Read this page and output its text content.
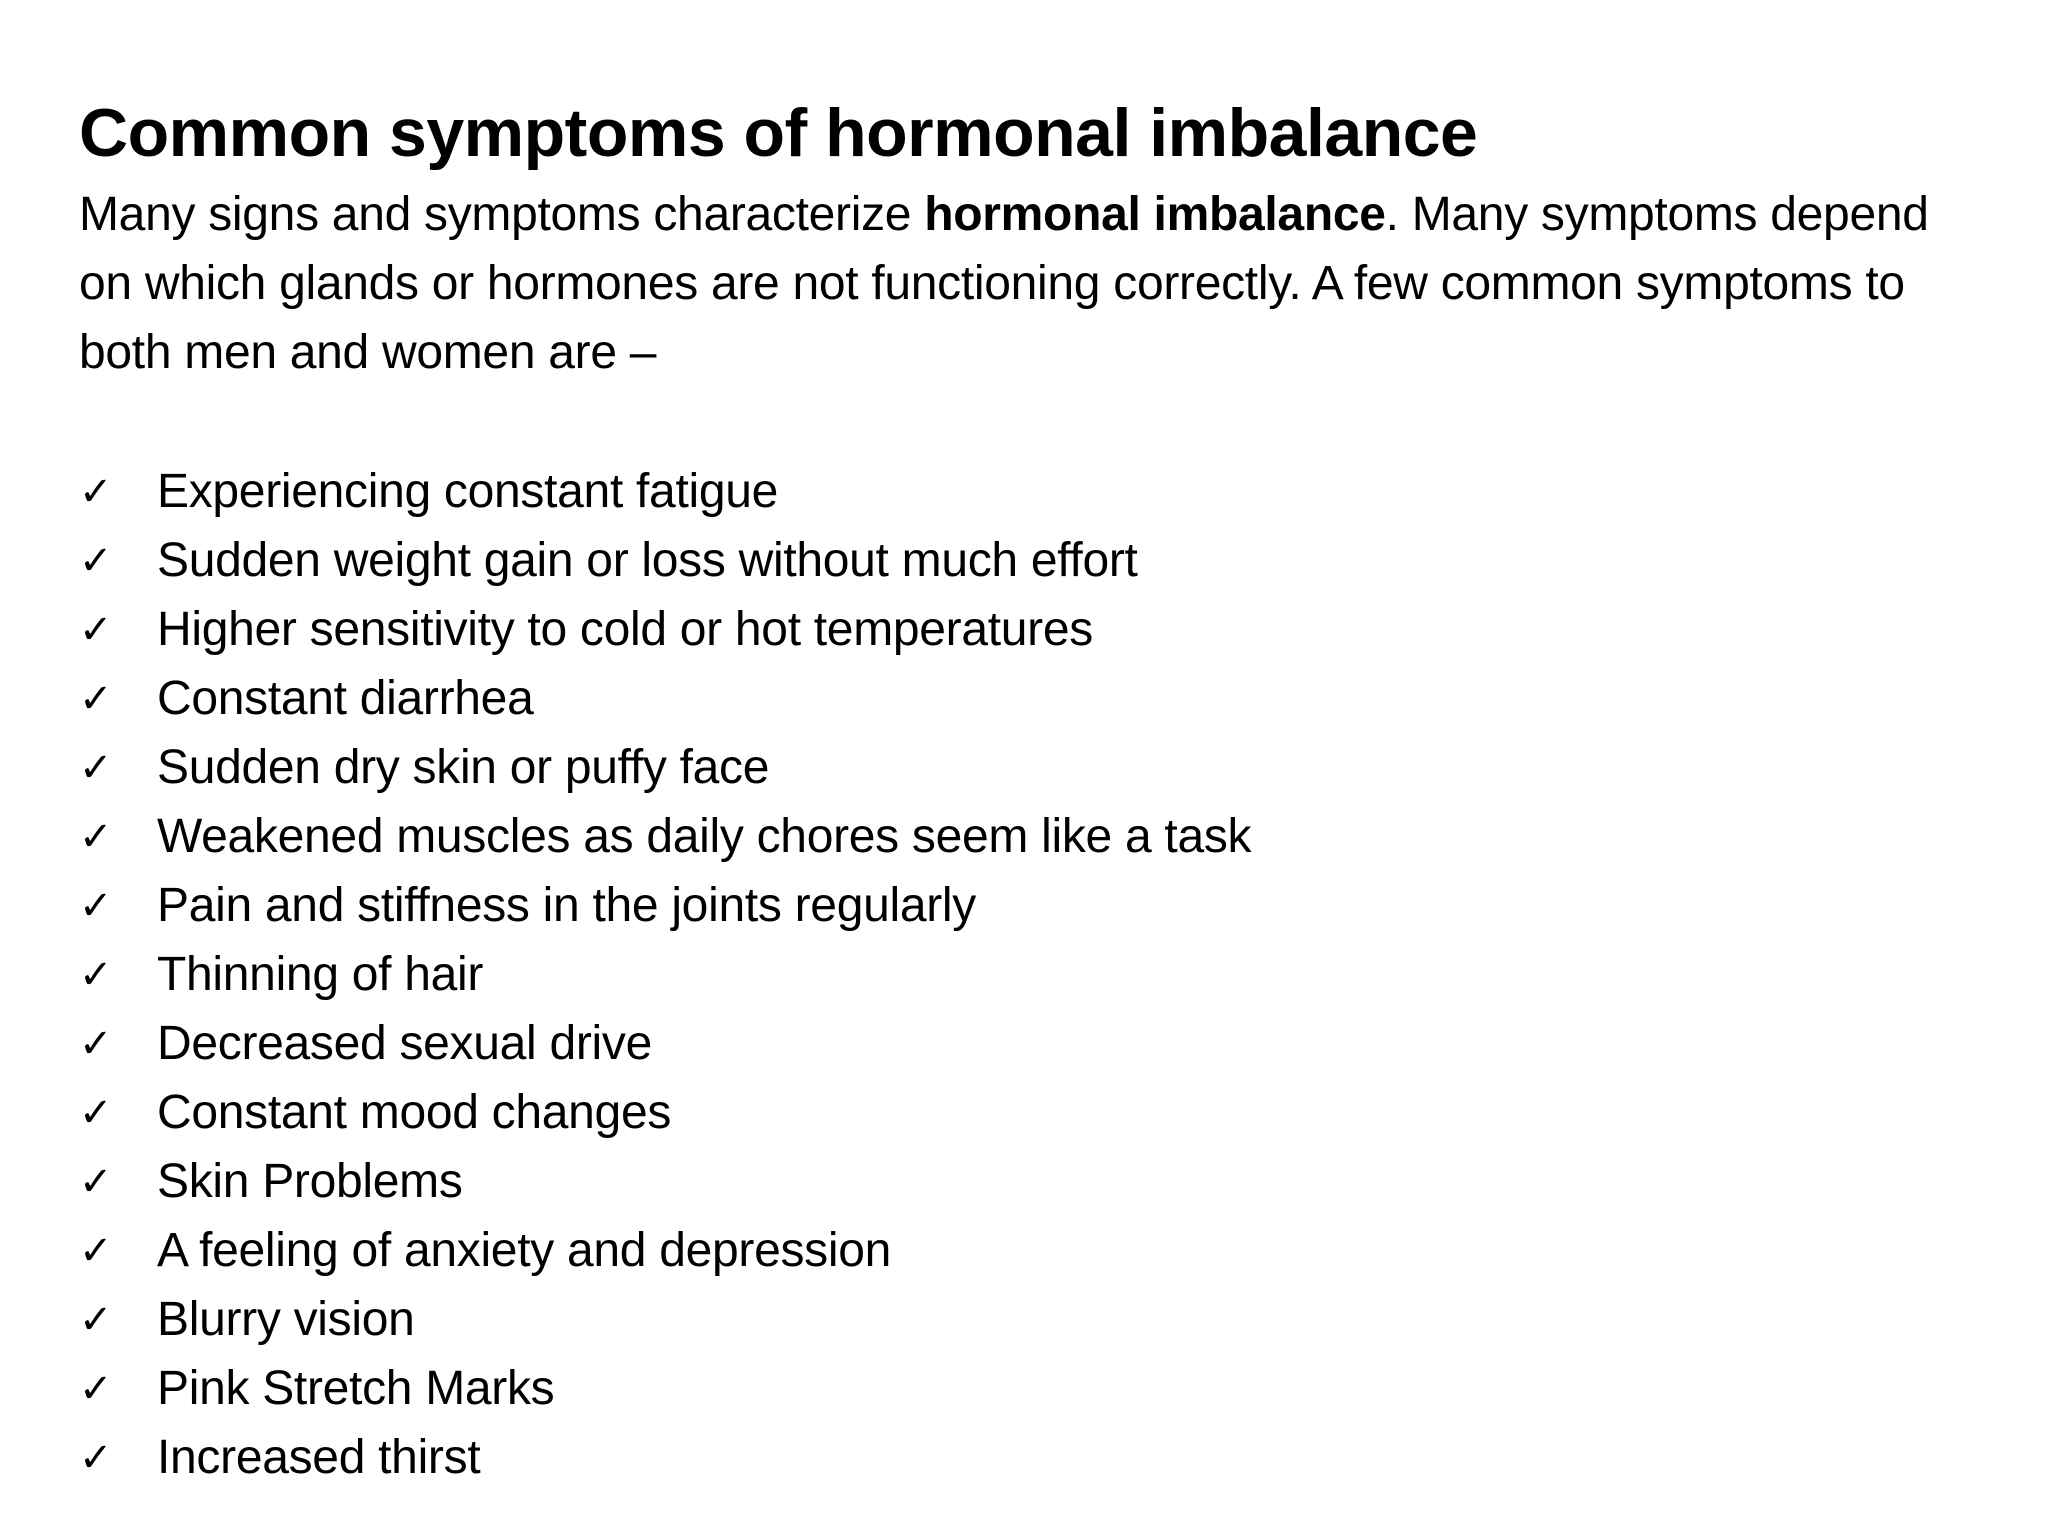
Common symptoms of hormonal imbalance
Many signs and symptoms characterize hormonal imbalance. Many symptoms depend on which glands or hormones are not functioning correctly. A few common symptoms to both men and women are –
✓ Experiencing constant fatigue
✓ Sudden weight gain or loss without much effort
✓ Higher sensitivity to cold or hot temperatures
✓ Constant diarrhea
✓ Sudden dry skin or puffy face
✓ Weakened muscles as daily chores seem like a task
✓ Pain and stiffness in the joints regularly
✓ Thinning of hair
✓ Decreased sexual drive
✓ Constant mood changes
✓ Skin Problems
✓ A feeling of anxiety and depression
✓ Blurry vision
✓ Pink Stretch Marks
✓ Increased thirst
